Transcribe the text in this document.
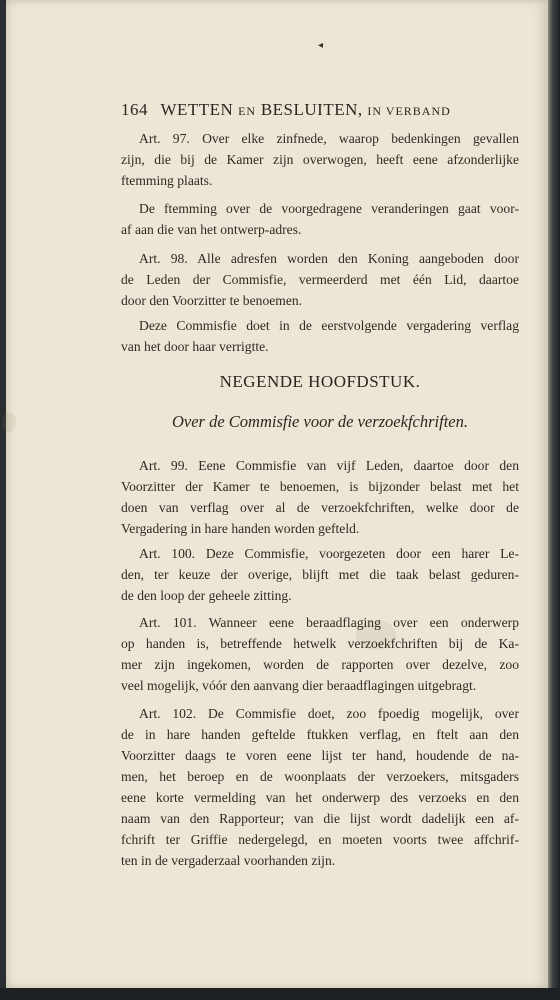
◂
164 WETTEN EN BESLUITEN, IN VERBAND
Art. 97. Over elke zinfnede, waarop bedenkingen gevallen
zijn, die bij de Kamer zijn overwogen, heeft eene afzonderlijke
ftemming plaats.
De ftemming over de voorgedragene veranderingen gaat voor-
af aan die van het ontwerp-adres.
Art. 98. Alle adresfen worden den Koning aangeboden door
de Leden der Commisfie, vermeerderd met één Lid, daartoe
door den Voorzitter te benoemen.
Deze Commisfie doet in de eerstvolgende vergadering verflag
van het door haar verrigtte.
NEGENDE HOOFDSTUK.
Over de Commisfie voor de verzoekfchriften.
Art. 99. Eene Commisfie van vijf Leden, daartoe door den
Voorzitter der Kamer te benoemen, is bijzonder belast met het
doen van verflag over al de verzoekfchriften, welke door de
Vergadering in hare handen worden gefteld.
Art. 100. Deze Commisfie, voorgezeten door een harer Le-
den, ter keuze der overige, blijft met die taak belast geduren-
de den loop der geheele zitting.
Art. 101. Wanneer eene beraadflaging over een onderwerp
op handen is, betreffende hetwelk verzoekfchriften bij de Ka-
mer zijn ingekomen, worden de rapporten over dezelve, zoo
veel mogelijk, vóór den aanvang dier beraadflagingen uitgebragt.
Art. 102. De Commisfie doet, zoo fpoedig mogelijk, over
de in hare handen geftelde ftukken verflag, en ftelt aan den
Voorzitter daags te voren eene lijst ter hand, houdende de na-
men, het beroep en de woonplaats der verzoekers, mitsgaders
eene korte vermelding van het onderwerp des verzoeks en den
naam van den Rapporteur; van die lijst wordt dadelijk een af-
fchrift ter Griffie nedergelegd, en moeten voorts twee affchrif-
ten in de vergaderzaal voorhanden zijn.
